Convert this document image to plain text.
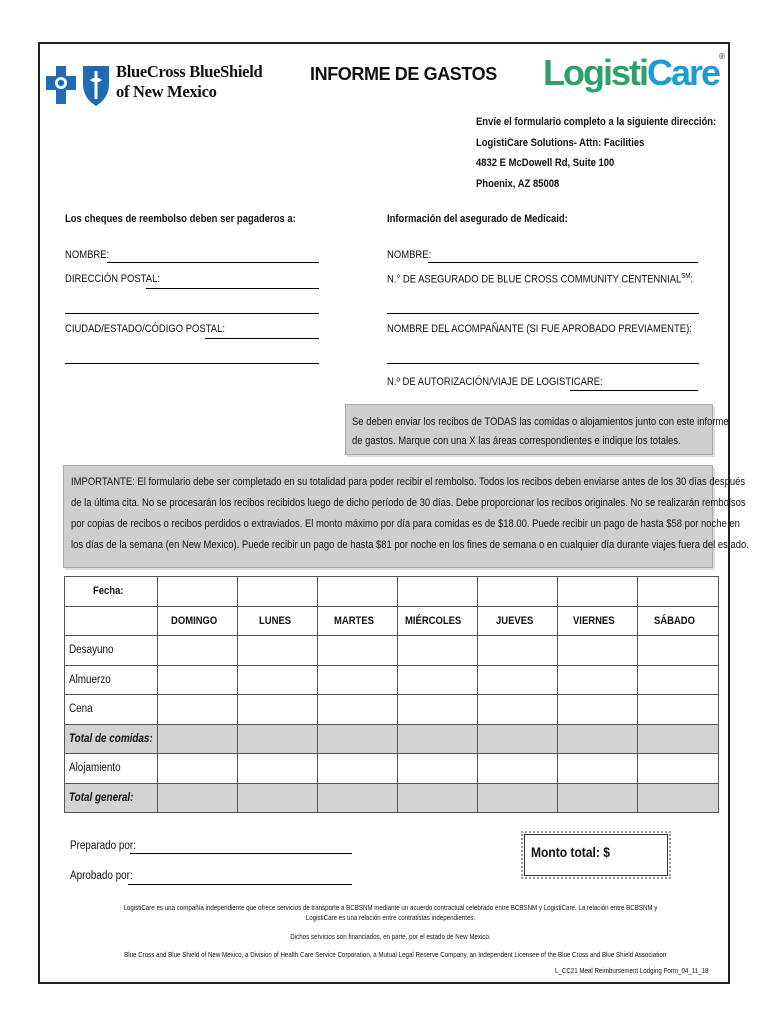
BlueCross BlueShield
of New Mexico
INFORME DE GASTOS LogistiCare®
Envíe el formulario completo a la siguiente dirección:
LogistiCare Solutions- Attn: Facilities
4832 E McDowell Rd, Suite 100
Phoenix, AZ 85008
Los cheques de reembolso deben ser pagaderos a:
NOMBRE:
DIRECCIÓN POSTAL:
CIUDAD/ESTADO/CÓDIGO POSTAL:
Información del asegurado de Medicaid:
NOMBRE:
N.° DE ASEGURADO DE BLUE CROSS COMMUNITY CENTENNIAL℠:
NOMBRE DEL ACOMPAÑANTE (SI FUE APROBADO PREVIAMENTE):
N.º DE AUTORIZACIÓN/VIAJE DE LOGISTICARE:
Se deben enviar los recibos de TODAS las comidas o alojamientos junto con este informe
de gastos. Marque con una X las áreas correspondientes e indique los totales.
IMPORTANTE: El formulario debe ser completado en su totalidad para poder recibir el rembolso. Todos los recibos deben enviarse antes de los 30 días después
de la última cita. No se procesarán los recibos recibidos luego de dicho período de 30 días. Debe proporcionar los recibos originales. No se realizarán rembolsos
por copias de recibos o recibos perdidos o extraviados. El monto máximo por día para comidas es de $18.00. Puede recibir un pago de hasta $58 por noche en
los días de la semana (en New Mexico). Puede recibir un pago de hasta $81 por noche en los fines de semana o en cualquier día durante viajes fuera del estado.
Fecha:							
	DOMINGO	LUNES	MARTES	MIÉRCOLES	JUEVES	VIERNES	SÁBADO
Desayuno							
Almuerzo							
Cena							
Total de comidas:							
Alojamiento							
Total general:							
Preparado por:
Aprobado por:
Monto total: $
LogistiCare es una compañía independiente que ofrece servicios de transporte a BCBSNM mediante un acuerdo contractual celebrado entre BCBSNM y LogistiCare. La relación entre BCBSNM y
LogistiCare es una relación entre contratistas independientes.
Dichos servicios son financiados, en parte, por el estado de New Mexico.
Blue Cross and Blue Shield of New Mexico, a Division of Health Care Service Corporation, a Mutual Legal Reserve Company, an Independent Licensee of the Blue Cross and Blue Shield Association
L_CC21 Meal Reimbursement Lodging Form_04_11_18
